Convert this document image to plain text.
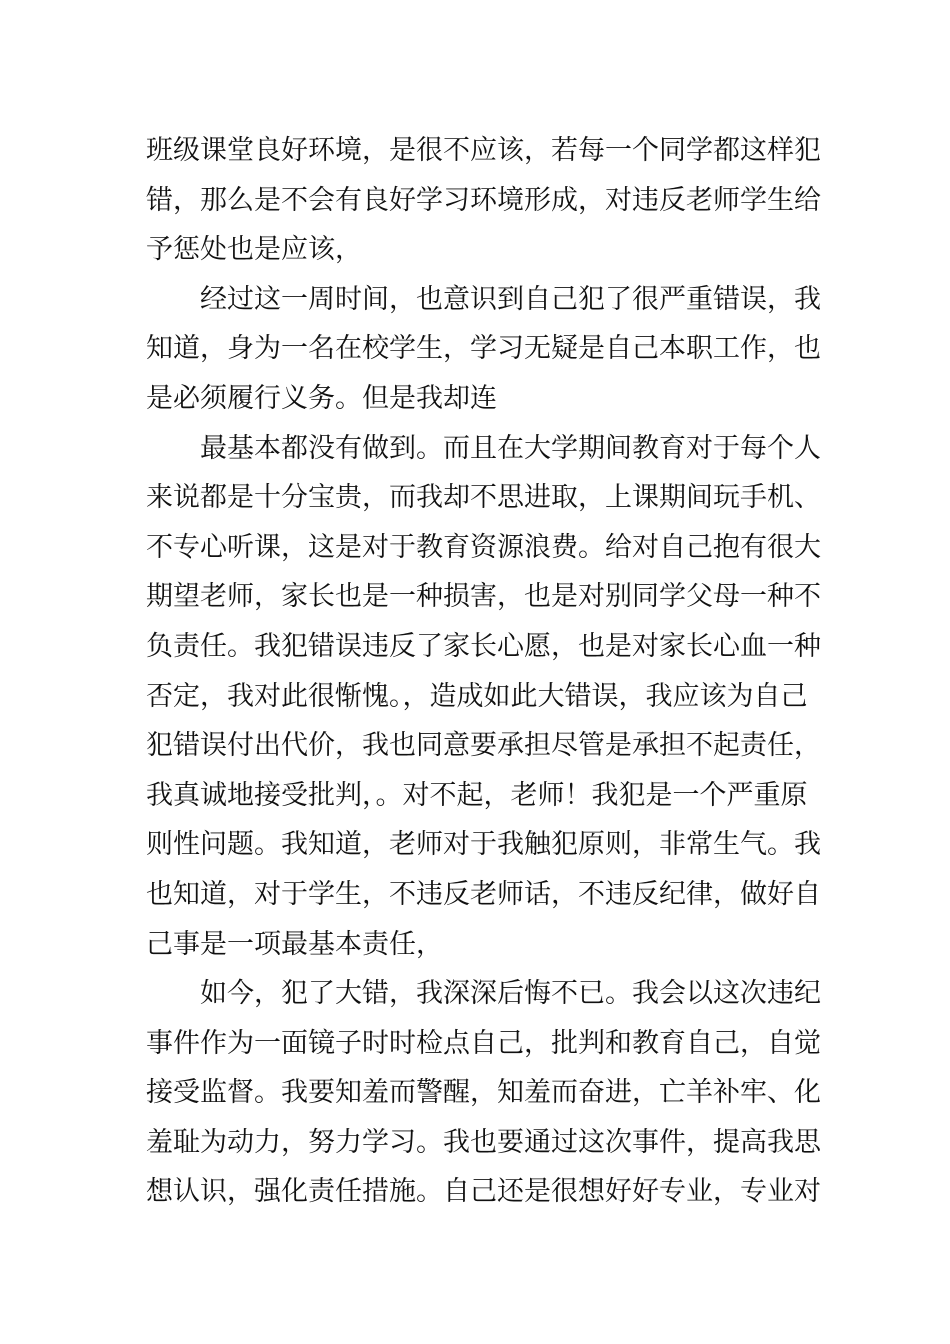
班级课堂良好环境，是很不应该，若每一个同学都这样犯
错，那么是不会有良好学习环境形成，对违反老师学生给
予惩处也是应该，
经过这一周时间，也意识到自己犯了很严重错误，我
知道，身为一名在校学生，学习无疑是自己本职工作，也
是必须履行义务。但是我却连
最基本都没有做到。而且在大学期间教育对于每个人
来说都是十分宝贵，而我却不思进取，上课期间玩手机、
不专心听课，这是对于教育资源浪费。给对自己抱有很大
期望老师，家长也是一种损害，也是对别同学父母一种不
负责任。我犯错误违反了家长心愿，也是对家长心血一种
否定，我对此很惭愧。，造成如此大错误，我应该为自己
犯错误付出代价，我也同意要承担尽管是承担不起责任，
我真诚地接受批判，。对不起，老师！我犯是一个严重原
则性问题。我知道，老师对于我触犯原则，非常生气。我
也知道，对于学生，不违反老师话，不违反纪律，做好自
己事是一项最基本责任，
如今，犯了大错，我深深后悔不已。我会以这次违纪
事件作为一面镜子时时检点自己，批判和教育自己，自觉
接受监督。我要知羞而警醒，知羞而奋进，亡羊补牢、化
羞耻为动力，努力学习。我也要通过这次事件，提高我思
想认识，强化责任措施。自己还是很想好好专业，专业对
